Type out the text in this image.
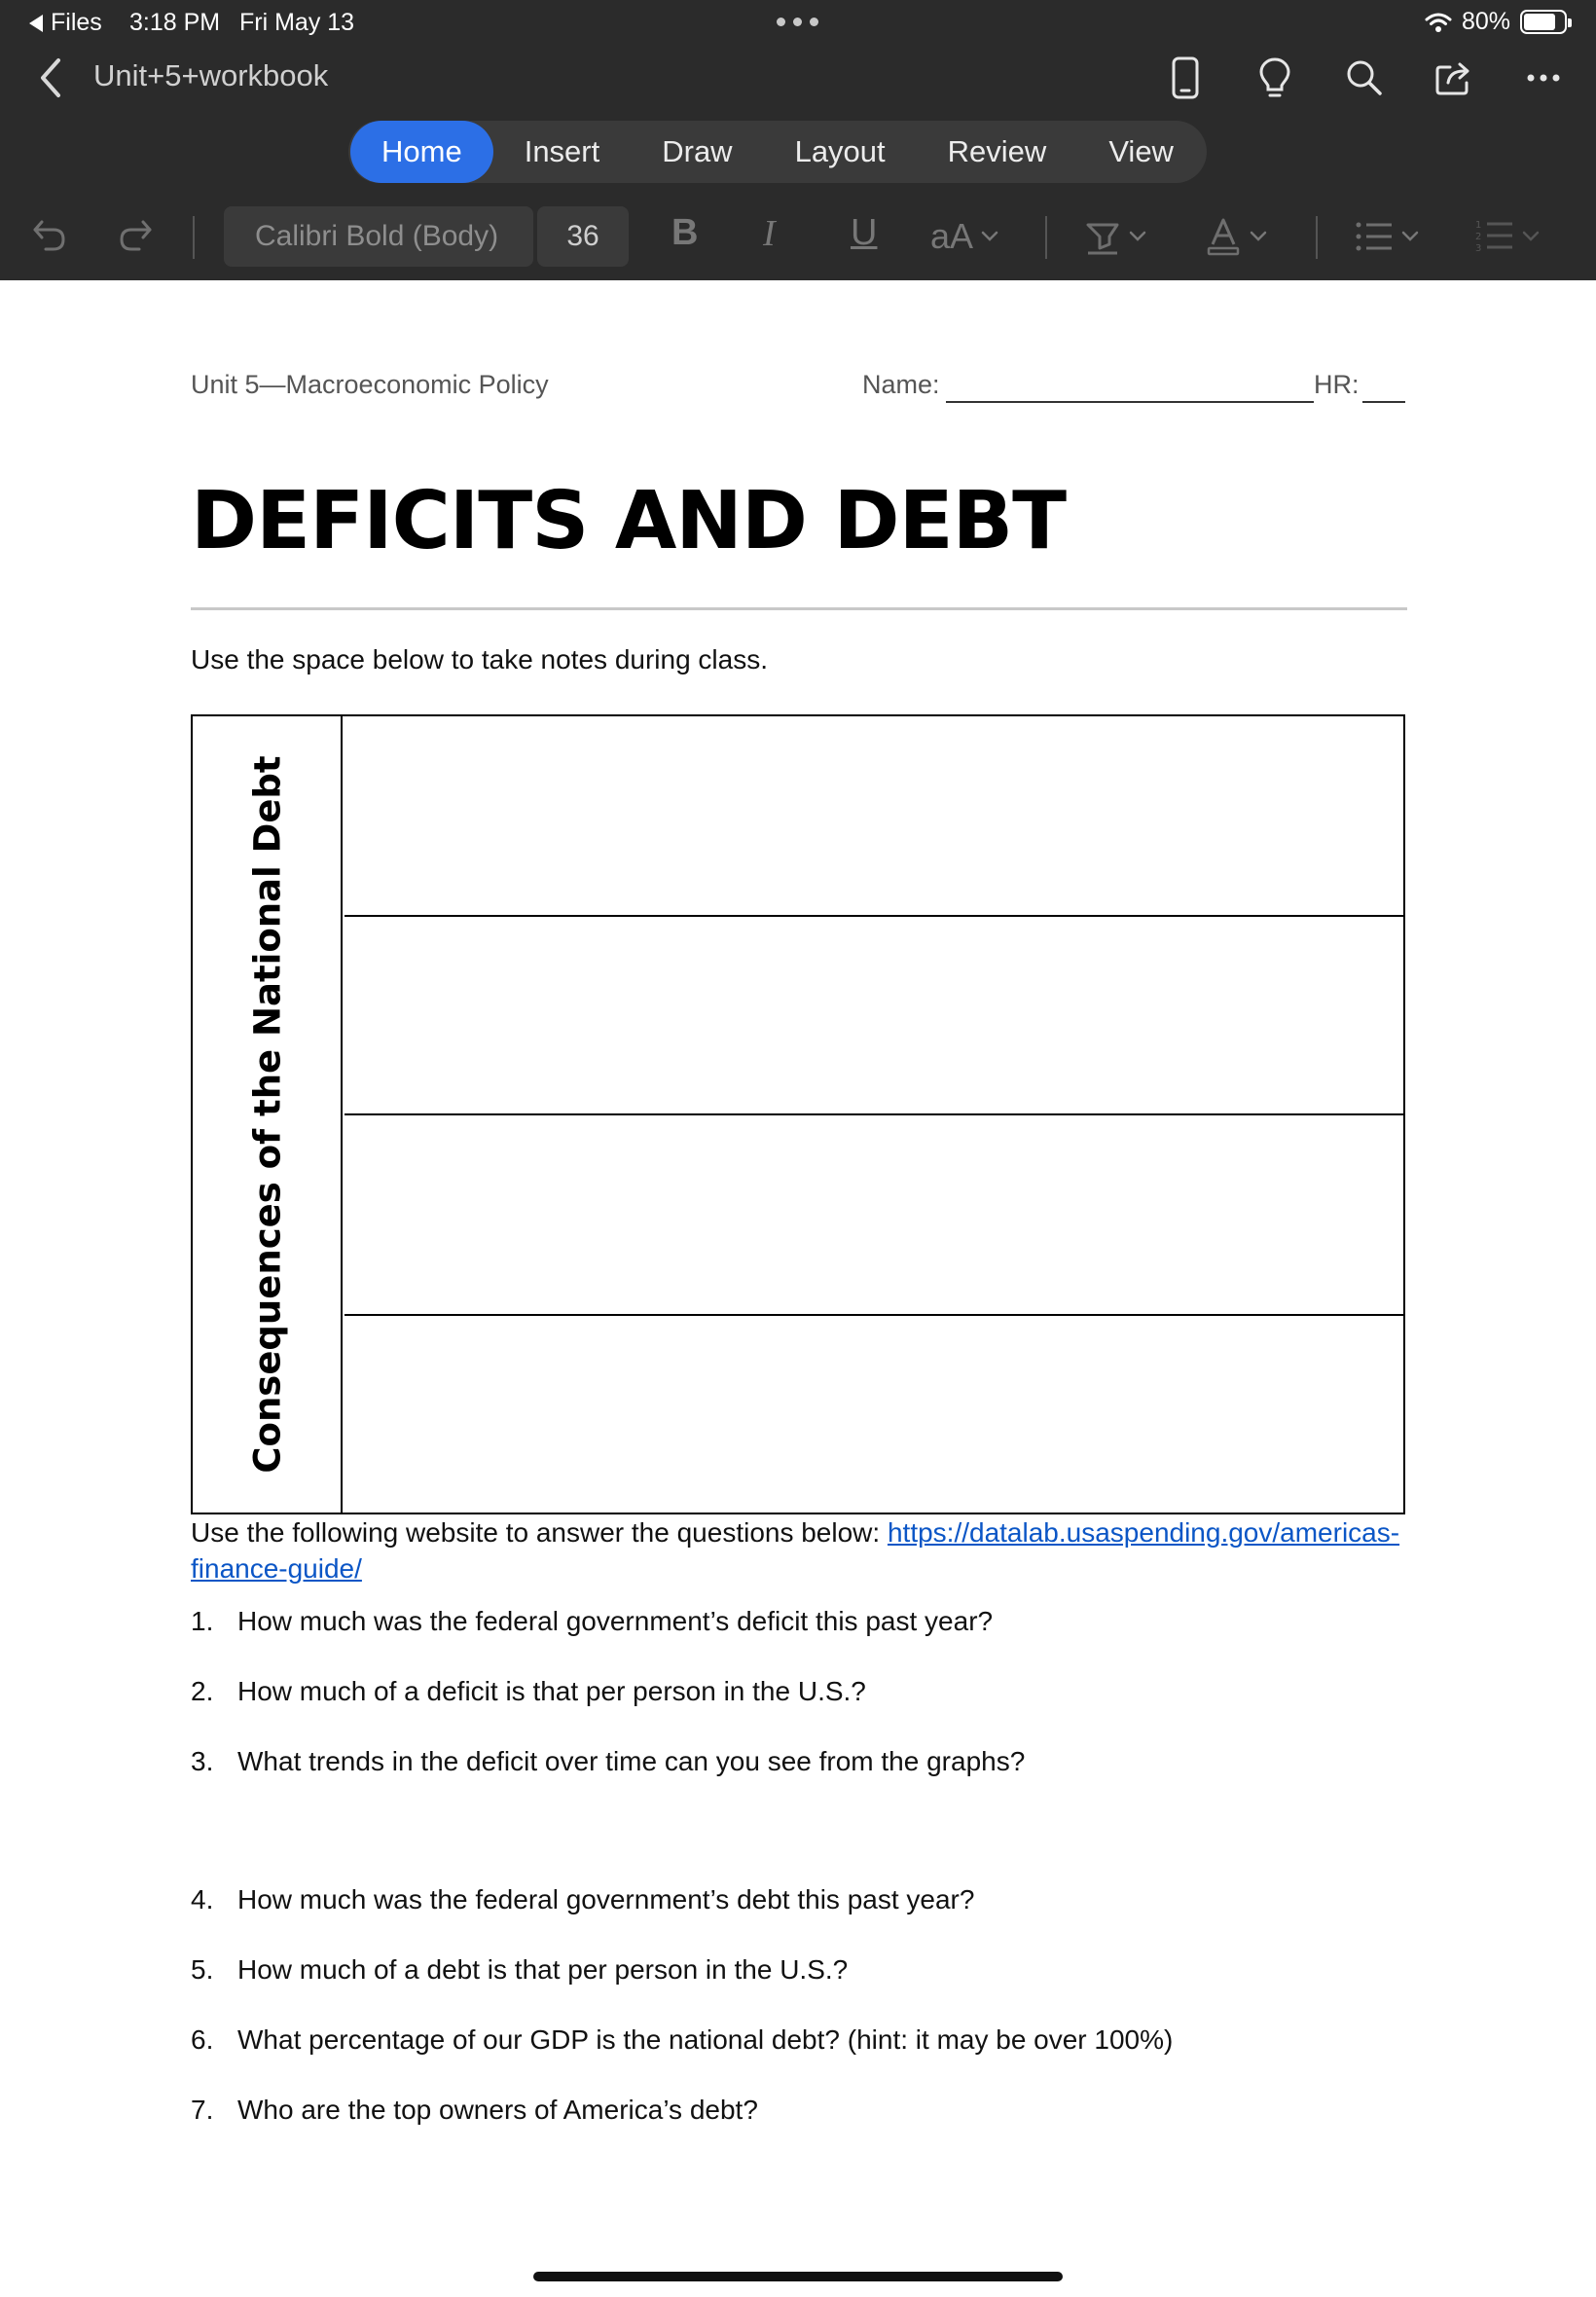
Files 3:18 PM Fri May 13	80%
Unit+5+workbook
Home	Insert	Draw	Layout	Review	View
Calibri Bold (Body) 36 B I U aA	1
2
3
Unit 5—Macroeconomic Policy	Name:	HR:
DEFICITS AND DEBT
Use the space below to take notes during class.
Consequences of the National Debt
Use the following website to answer the questions below: https://datalab.usaspending.gov/americas-finance-guide/
1. How much was the federal government’s deficit this past year?
2. How much of a deficit is that per person in the U.S.?
3. What trends in the deficit over time can you see from the graphs?
4. How much was the federal government’s debt this past year?
5. How much of a debt is that per person in the U.S.?
6. What percentage of our GDP is the national debt? (hint: it may be over 100%)
7. Who are the top owners of America’s debt?
